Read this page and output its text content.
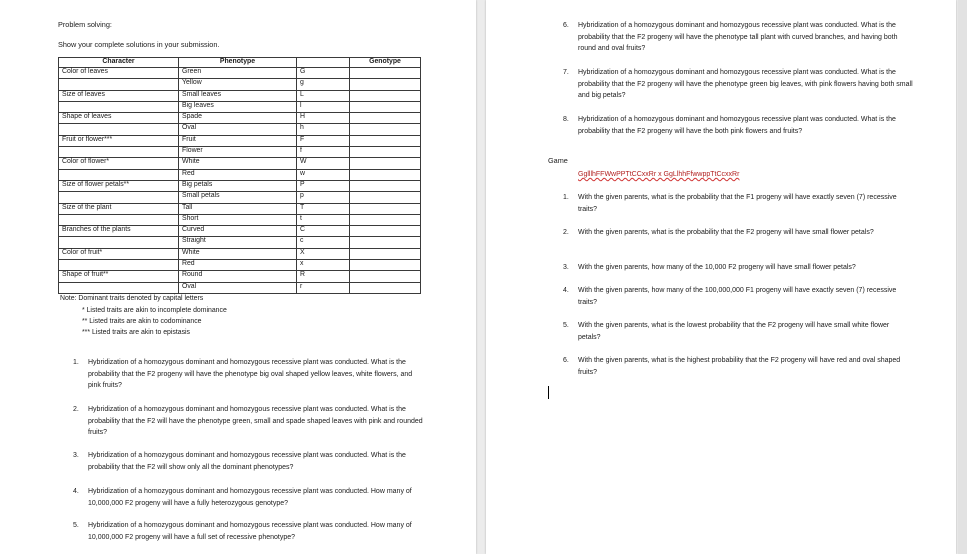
Problem solving:
Show your complete solutions in your submission.
Character	Phenotype		Genotype
Color of leaves	Green	G	
	Yellow	g	
Size of leaves	Small leaves	L	
	Big leaves	l	
Shape of leaves	Spade	H	
	Oval	h	
Fruit or flower***	Fruit	F	
	Flower	f	
Color of flower*	White	W	
	Red	w	
Size of flower petals**	Big petals	P	
	Small petals	p	
Size of the plant	Tall	T	
	Short	t	
Branches of the plants	Curved	C	
	Straight	c	
Color of fruit*	White	X	
	Red	x	
Shape of fruit**	Round	R	
	Oval	r	
Note: Dominant traits denoted by capital letters
* Listed traits are akin to incomplete dominance
** Listed traits are akin to codominance
*** Listed traits are akin to epistasis
1. Hybridization of a homozygous dominant and homozygous recessive plant was conducted. What is the probability that the F2 progeny will have the phenotype big oval shaped yellow leaves, white flowers, and pink fruits?
2. Hybridization of a homozygous dominant and homozygous recessive plant was conducted. What is the probability that the F2 will have the phenotype green, small and spade shaped leaves with pink and rounded fruits?
3. Hybridization of a homozygous dominant and homozygous recessive plant was conducted. What is the probability that the F2 will show only all the dominant phenotypes?
4. Hybridization of a homozygous dominant and homozygous recessive plant was conducted. How many of 10,000,000 F2 progeny will have a fully heterozygous genotype?
5. Hybridization of a homozygous dominant and homozygous recessive plant was conducted. How many of 10,000,000 F2 progeny will have a full set of recessive phenotype?
6. Hybridization of a homozygous dominant and homozygous recessive plant was conducted. What is the probability that the F2 progeny will have the phenotype tall plant with curved branches, and having both round and oval fruits?
7. Hybridization of a homozygous dominant and homozygous recessive plant was conducted. What is the probability that the F2 progeny will have the phenotype green big leaves, with pink flowers having both small and big petals?
8. Hybridization of a homozygous dominant and homozygous recessive plant was conducted. What is the probability that the F2 progeny will have the both pink flowers and fruits?
Game
GglllhFFWwPPTtCCxxRr x GgLlhhFfwwppTtCcxxRr
1. With the given parents, what is the probability that the F1 progeny will have exactly seven (7) recessive traits?
2. With the given parents, what is the probability that the F2 progeny will have small flower petals?
3. With the given parents, how many of the 10,000 F2 progeny will have small flower petals?
4. With the given parents, how many of the 100,000,000 F1 progeny will have exactly seven (7) recessive traits?
5. With the given parents, what is the lowest probability that the F2 progeny will have small white flower petals?
6. With the given parents, what is the highest probability that the F2 progeny will have red and oval shaped fruits?
